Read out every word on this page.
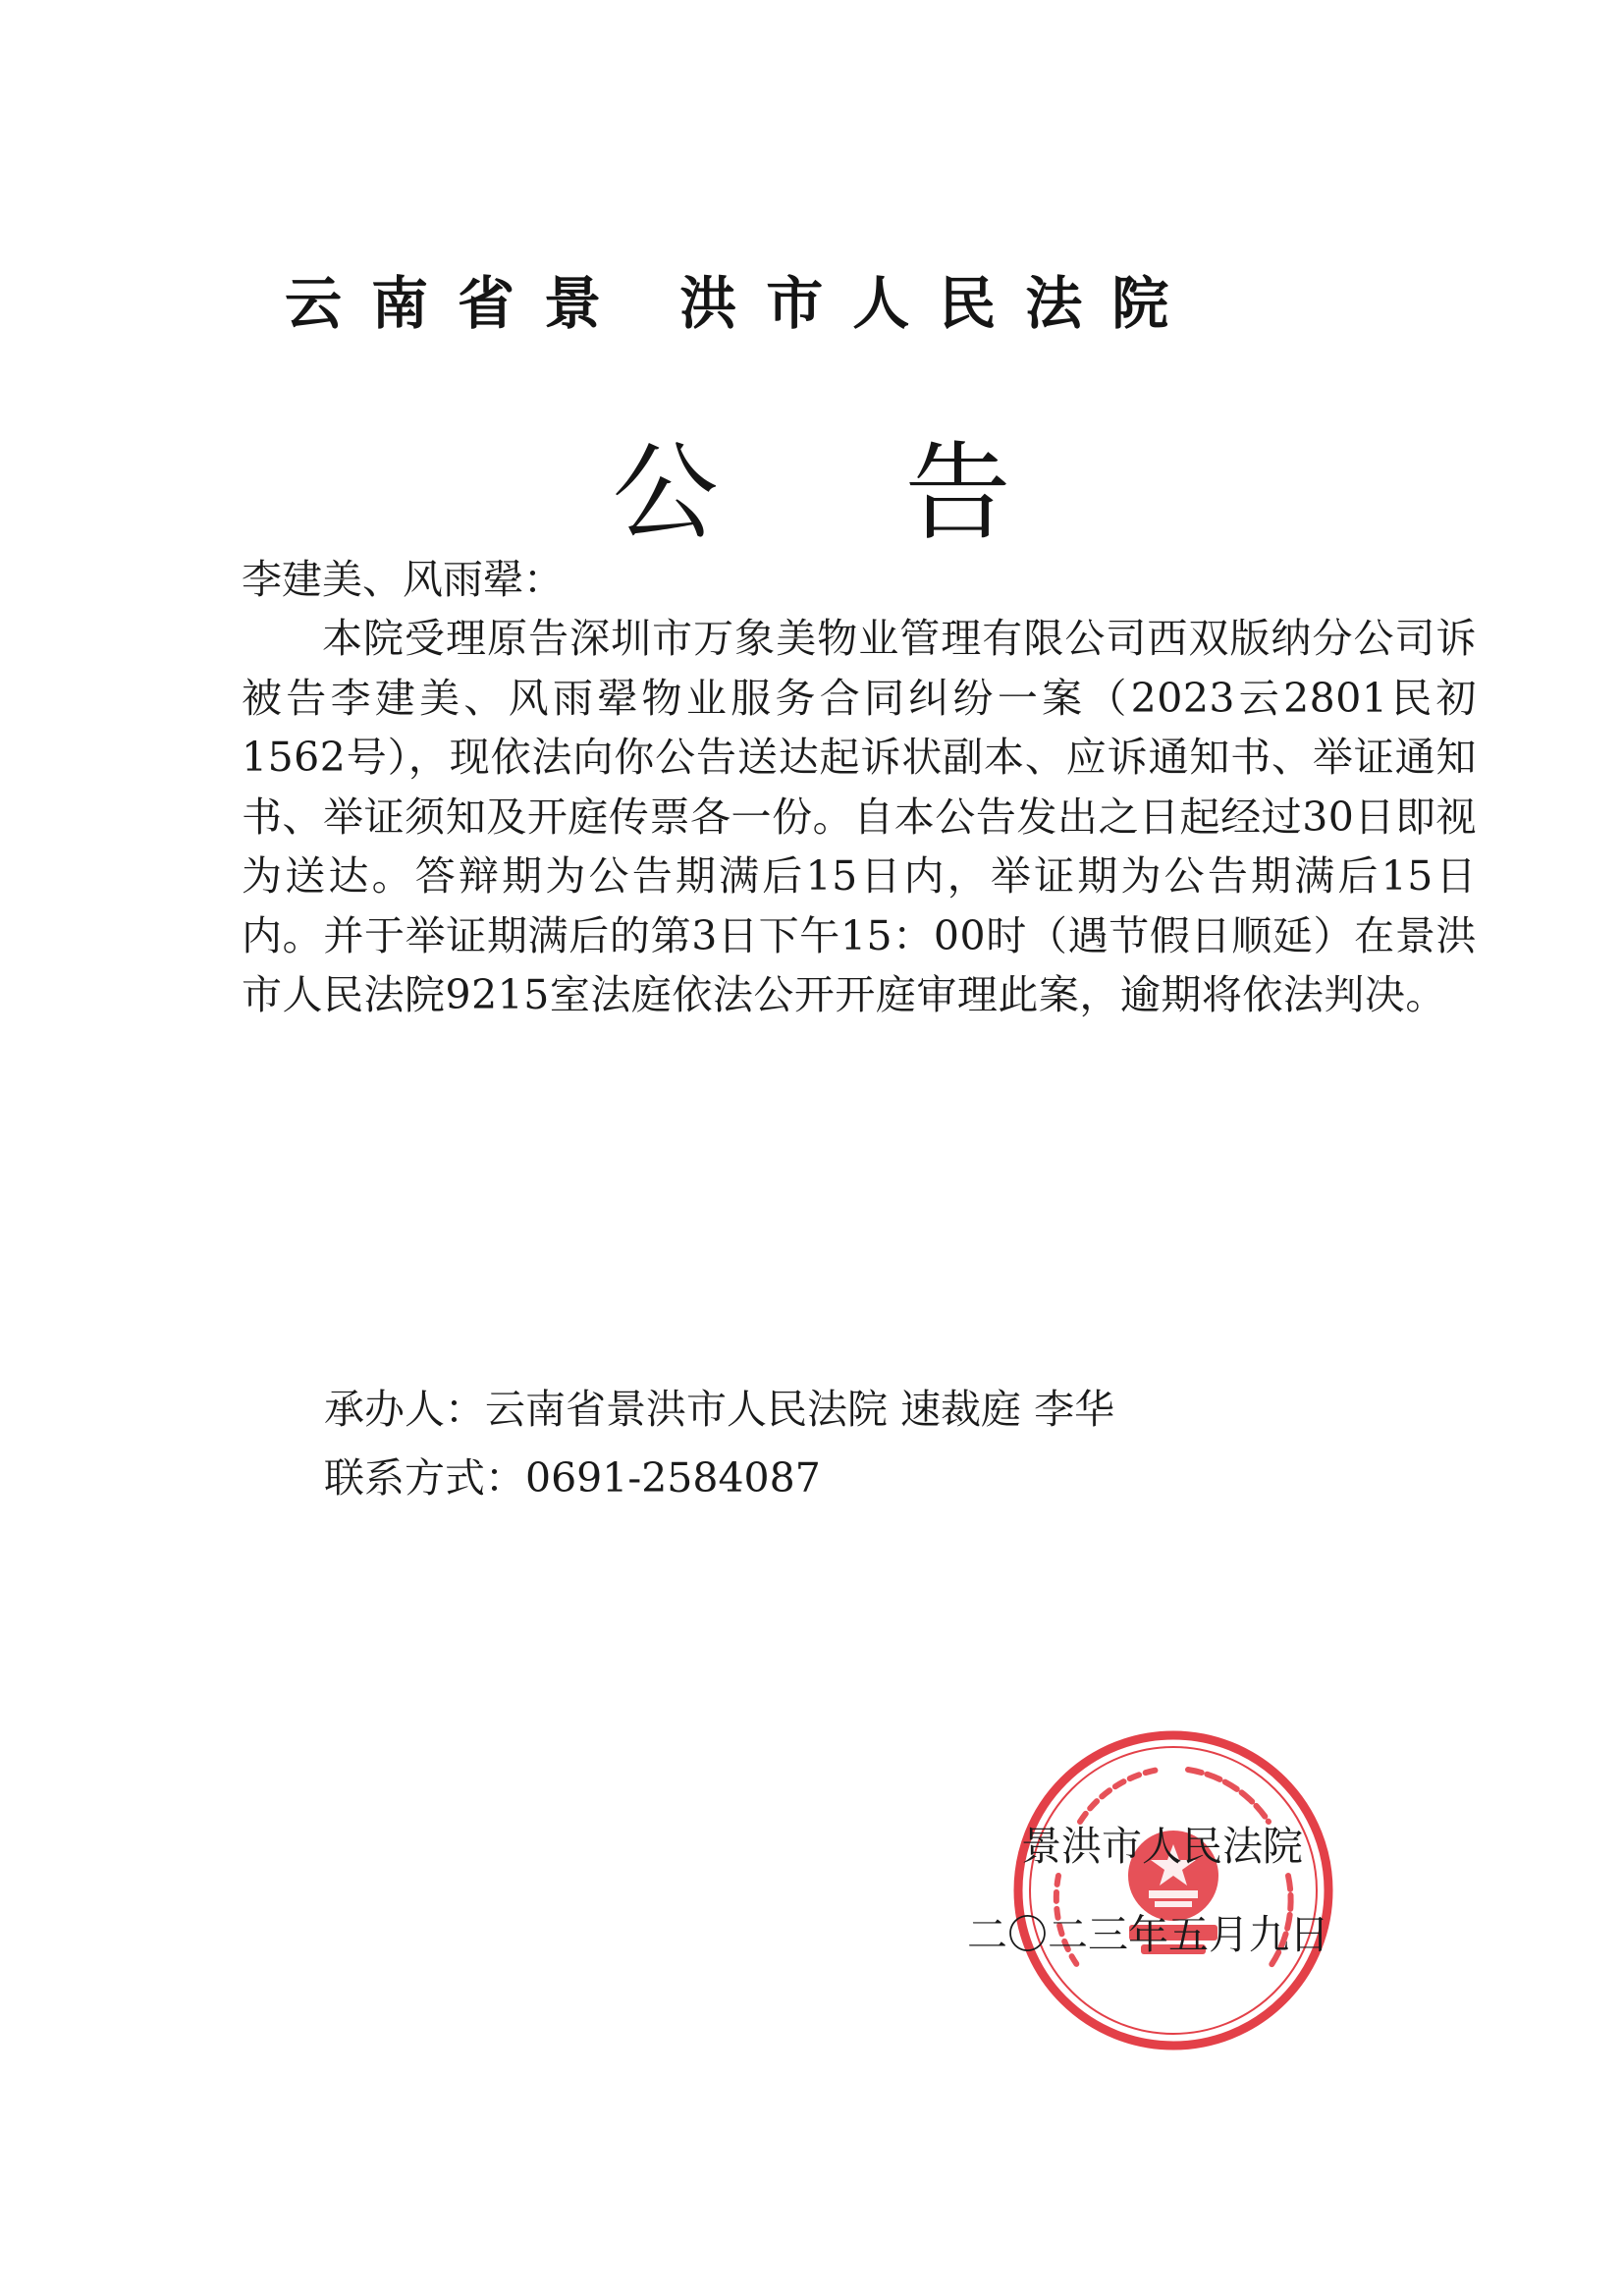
云南省景 洪市人民法院
公告
李建美、风雨翚：
本院受理原告深圳市万象美物业管理有限公司西双版纳分公司诉被告李建美、风雨翚物业服务合同纠纷一案（2023云2801民初1562号），现依法向你公告送达起诉状副本、应诉通知书、举证通知书、举证须知及开庭传票各一份。自本公告发出之日起经过30日即视为送达。答辩期为公告期满后15日内，举证期为公告期满后15日内。并于举证期满后的第3日下午15：00时（遇节假日顺延）在景洪市人民法院9215室法庭依法公开开庭审理此案，逾期将依法判决。
承办人：云南省景洪市人民法院 速裁庭 李华
联系方式：0691-2584087
景洪市人民法院
二〇二三年五月九日
